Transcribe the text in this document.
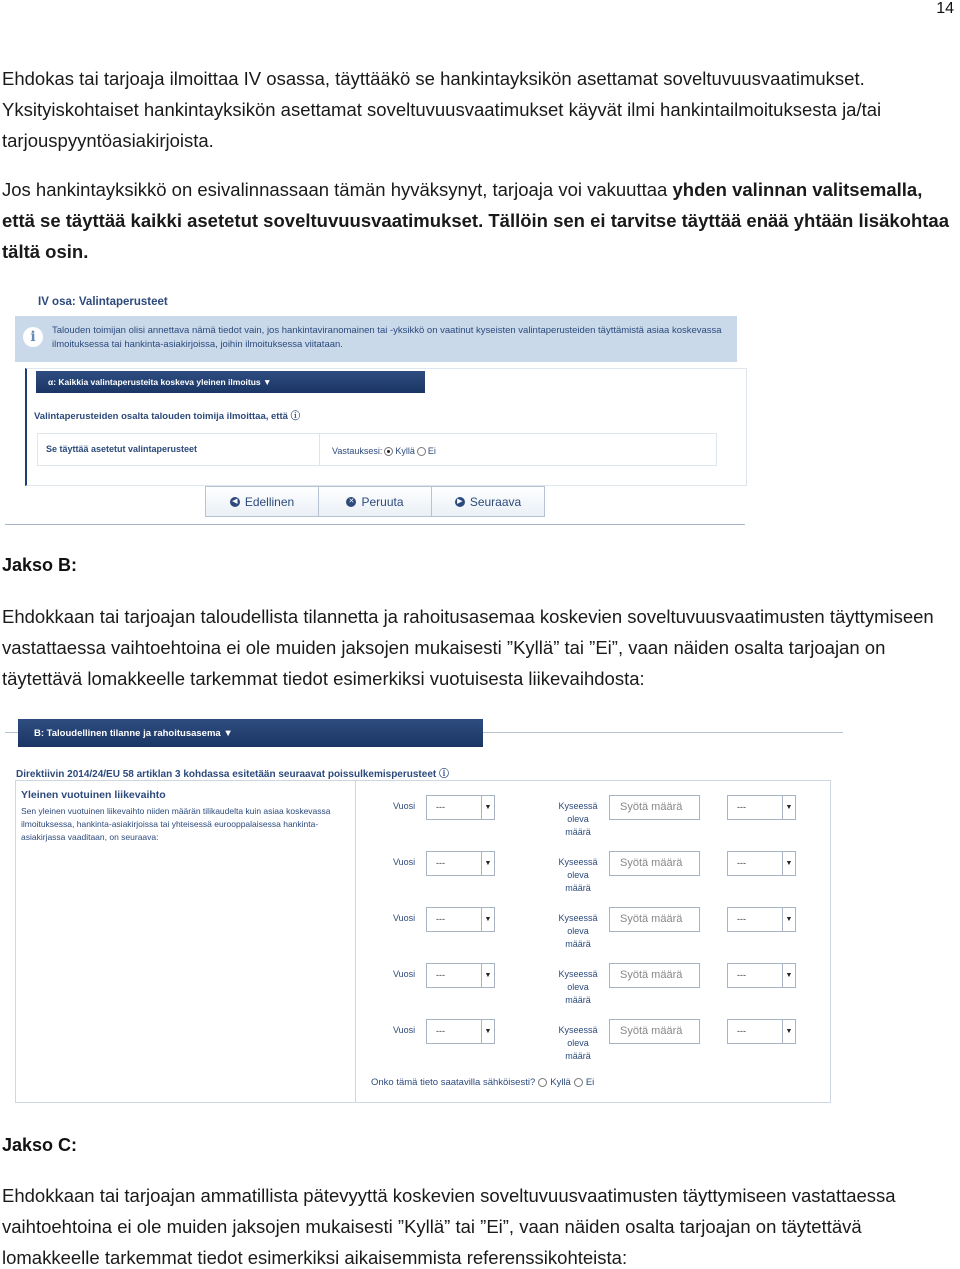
14

Ehdokas tai tarjoaja ilmoittaa IV osassa, täyttääkö se hankintayksikön asettamat soveltuvuusvaatimukset. Yksityiskohtaiset hankintayksikön asettamat soveltuvuusvaatimukset käyvät ilmi hankintailmoituksesta ja/tai tarjouspyyntöasiakirjoista.

Jos hankintayksikkö on esivalinnassaan tämän hyväksynyt, tarjoaja voi vakuuttaa yhden valinnan valitsemalla, että se täyttää kaikki asetetut soveltuvuusvaatimukset. Tällöin sen ei tarvitse täyttää enää yhtään lisäkohtaa tältä osin.

IV osa: Valintaperusteet
i	Talouden toimijan olisi annettava nämä tiedot vain, jos hankintaviranomainen tai -yksikkö on vaatinut kyseisten valintaperusteiden täyttämistä asiaa koskevassa ilmoituksessa tai hankinta-asiakirjoissa, joihin ilmoituksessa viitataan.
α: Kaikkia valintaperusteita koskeva yleinen ilmoitus ▼
Valintaperusteiden osalta talouden toimija ilmoittaa, että ⓘ
Se täyttää asetetut valintaperusteet	Vastauksesi: Kyllä Ei
◀ Edellinen	✕ Peruuta	▶ Seuraava
Jakso B:

Ehdokkaan tai tarjoajan taloudellista tilannetta ja rahoitusasemaa koskevien soveltuvuusvaatimusten täyttymiseen vastattaessa vaihtoehtoina ei ole muiden jaksojen mukaisesti ”Kyllä” tai ”Ei”, vaan näiden osalta tarjoajan on täytettävä lomakkeelle tarkemmat tiedot esimerkiksi vuotuisesta liikevaihdosta:

B: Taloudellinen tilanne ja rahoitusasema ▼
Direktiivin 2014/24/EU 58 artiklan 3 kohdassa esitetään seuraavat poissulkemisperusteet ⓘ
Yleinen vuotuinen liikevaihto
Sen yleinen vuotuinen liikevaihto niiden määrän tilikaudelta kuin asiaa koskevassa ilmoituksessa, hankinta-asiakirjoissa tai yhteisessä eurooppalaisessa hankinta-asiakirjassa vaaditaan, on seuraava:
Vuosi	---	▼	Kyseessä
oleva
määrä
Syötä määrä	---	▼
Vuosi	---	▼	Kyseessä
oleva
määrä
Syötä määrä	---	▼
Vuosi	---	▼	Kyseessä
oleva
määrä
Syötä määrä	---	▼
Vuosi	---	▼	Kyseessä
oleva
määrä
Syötä määrä	---	▼
Vuosi	---	▼	Kyseessä
oleva
määrä
Syötä määrä	---	▼
Onko tämä tieto saatavilla sähköisesti? Kyllä Ei
Jakso C:

Ehdokkaan tai tarjoajan ammatillista pätevyyttä koskevien soveltuvuusvaatimusten täyttymiseen vastattaessa vaihtoehtoina ei ole muiden jaksojen mukaisesti ”Kyllä” tai ”Ei”, vaan näiden osalta tarjoajan on täytettävä lomakkeelle tarkemmat tiedot esimerkiksi aikaisemmista referenssikohteista:
